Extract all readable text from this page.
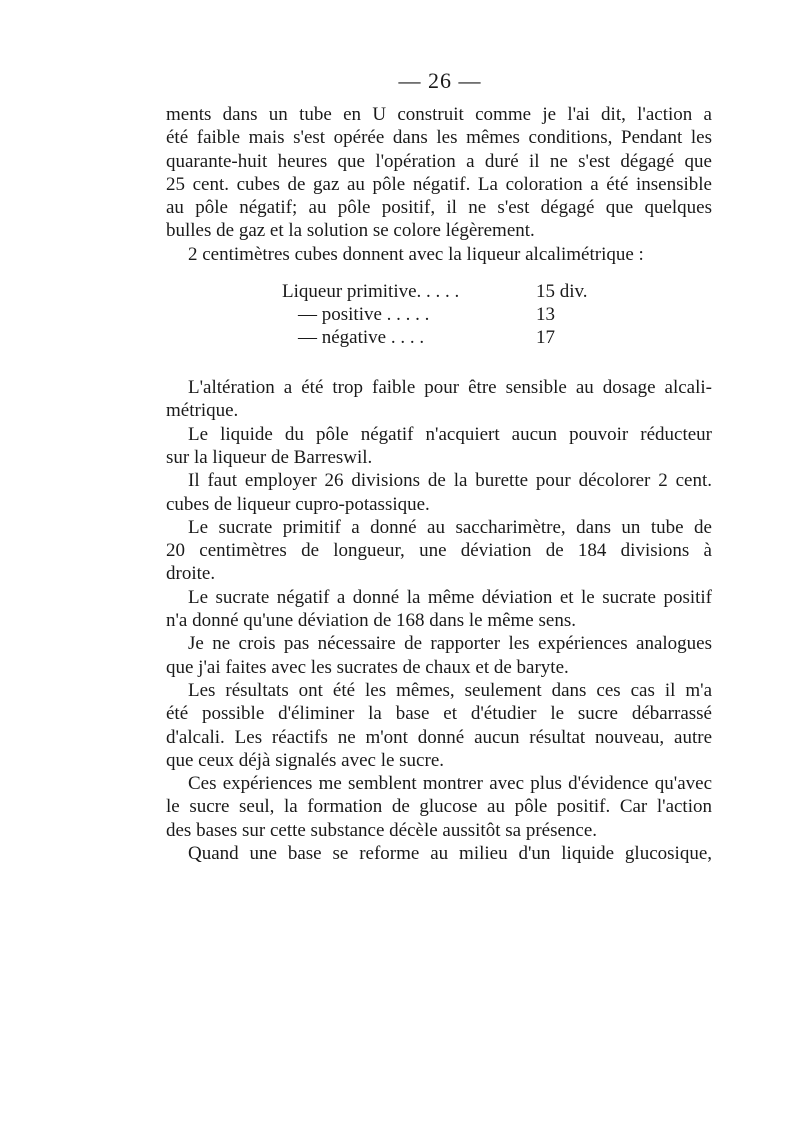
— 26 —
ments dans un tube en U construit comme je l'ai dit, l'action a
été faible mais s'est opérée dans les mêmes conditions, Pendant les
quarante-huit heures que l'opération a duré il ne s'est dégagé que
25 cent. cubes de gaz au pôle négatif. La coloration a été insensible
au pôle négatif; au pôle positif, il ne s'est dégagé que quelques
bulles de gaz et la solution se colore légèrement.
2 centimètres cubes donnent avec la liqueur alcalimétrique :
Liqueur primitive. . . . .	15 div.
— positive . . . . .	13
— négative . . . .	17
L'altération a été trop faible pour être sensible au dosage alcali-
métrique.
Le liquide du pôle négatif n'acquiert aucun pouvoir réducteur
sur la liqueur de Barreswil.
Il faut employer 26 divisions de la burette pour décolorer 2 cent.
cubes de liqueur cupro-potassique.
Le sucrate primitif a donné au saccharimètre, dans un tube de
20 centimètres de longueur, une déviation de 184 divisions à
droite.
Le sucrate négatif a donné la même déviation et le sucrate positif
n'a donné qu'une déviation de 168 dans le même sens.
Je ne crois pas nécessaire de rapporter les expériences analogues
que j'ai faites avec les sucrates de chaux et de baryte.
Les résultats ont été les mêmes, seulement dans ces cas il m'a
été possible d'éliminer la base et d'étudier le sucre débarrassé
d'alcali. Les réactifs ne m'ont donné aucun résultat nouveau, autre
que ceux déjà signalés avec le sucre.
Ces expériences me semblent montrer avec plus d'évidence qu'avec
le sucre seul, la formation de glucose au pôle positif. Car l'action
des bases sur cette substance décèle aussitôt sa présence.
Quand une base se reforme au milieu d'un liquide glucosique,
